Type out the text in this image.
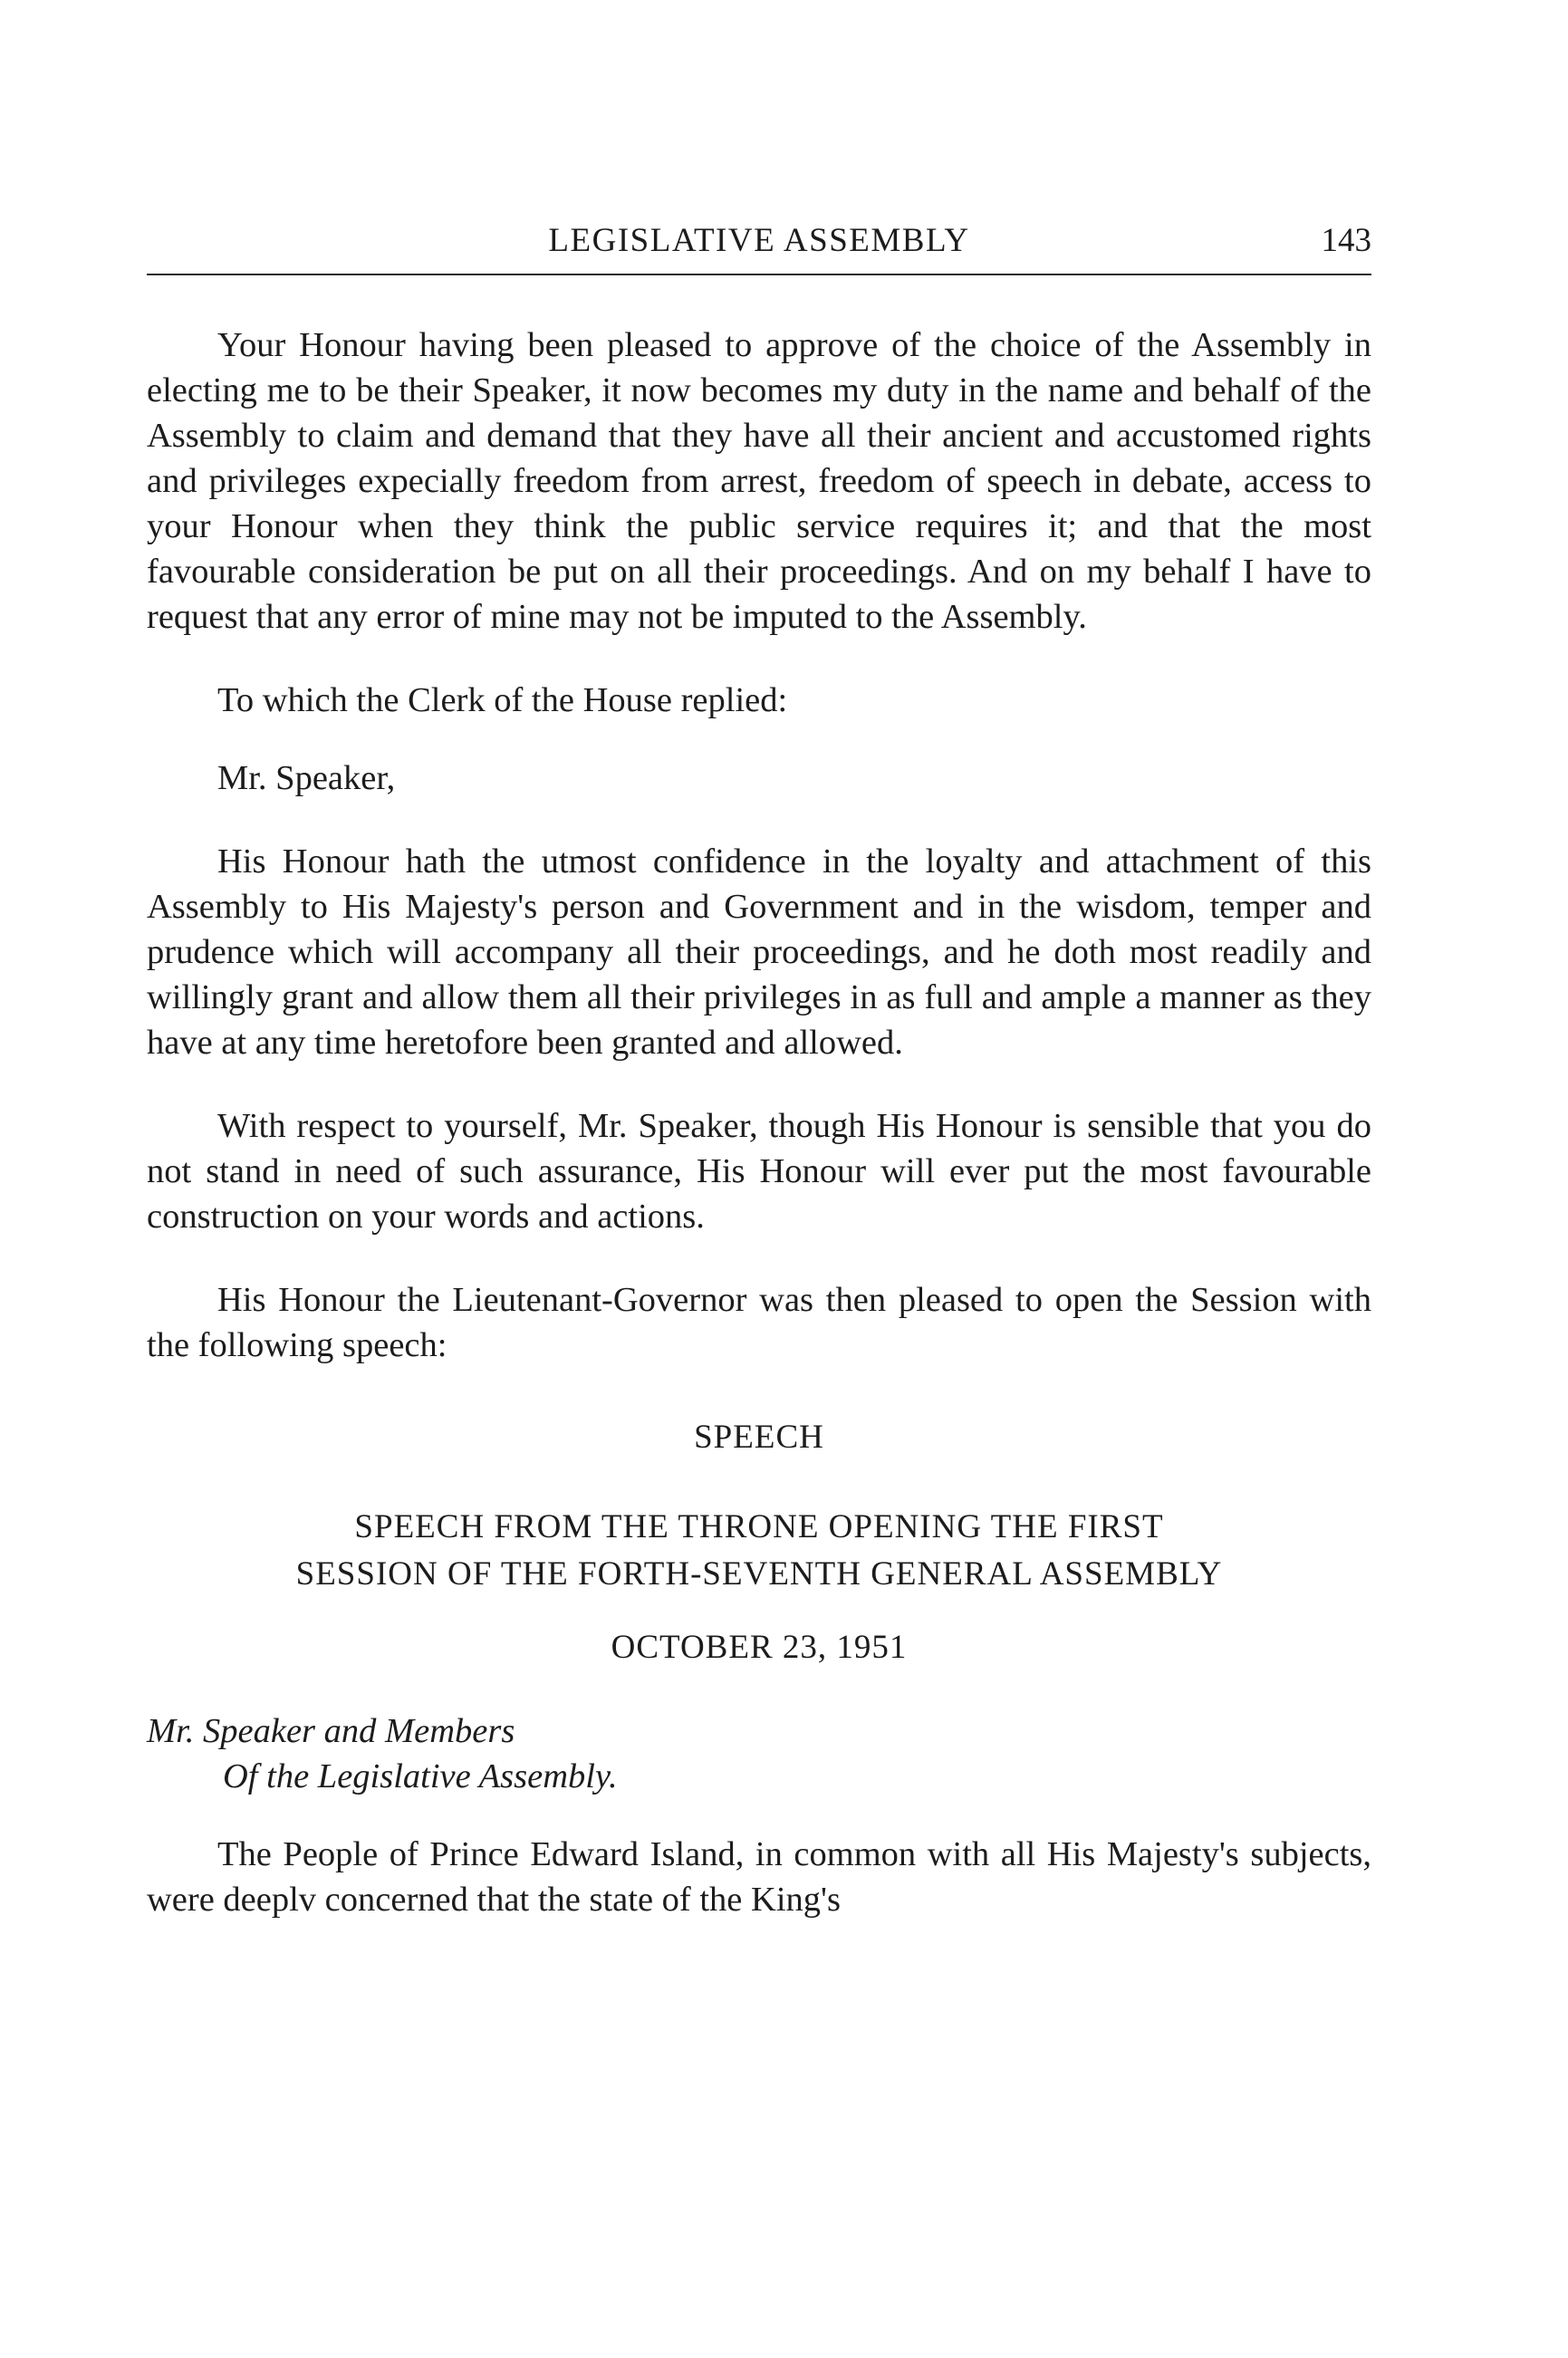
LEGISLATIVE ASSEMBLY	143

Your Honour having been pleased to approve of the choice of the Assembly in electing me to be their Speaker, it now becomes my duty in the name and behalf of the Assembly to claim and demand that they have all their ancient and accustomed rights and privileges expecially freedom from arrest, freedom of speech in debate, access to your Honour when they think the public service requires it; and that the most favourable consideration be put on all their proceedings. And on my behalf I have to request that any error of mine may not be imputed to the Assembly.

To which the Clerk of the House replied:

Mr. Speaker,

His Honour hath the utmost confidence in the loyalty and attachment of this Assembly to His Majesty's person and Government and in the wisdom, temper and prudence which will accompany all their proceedings, and he doth most readily and willingly grant and allow them all their privileges in as full and ample a manner as they have at any time heretofore been granted and allowed.

With respect to yourself, Mr. Speaker, though His Honour is sensible that you do not stand in need of such assurance, His Honour will ever put the most favourable construction on your words and actions.

His Honour the Lieutenant-Governor was then pleased to open the Session with the following speech:

SPEECH

SPEECH FROM THE THRONE OPENING THE FIRST
SESSION OF THE FORTH-SEVENTH GENERAL ASSEMBLY

OCTOBER 23, 1951

Mr. Speaker and Members
Of the Legislative Assembly.

The People of Prince Edward Island, in common with all His Majesty's subjects, were deeplv concerned that the state of the King's
